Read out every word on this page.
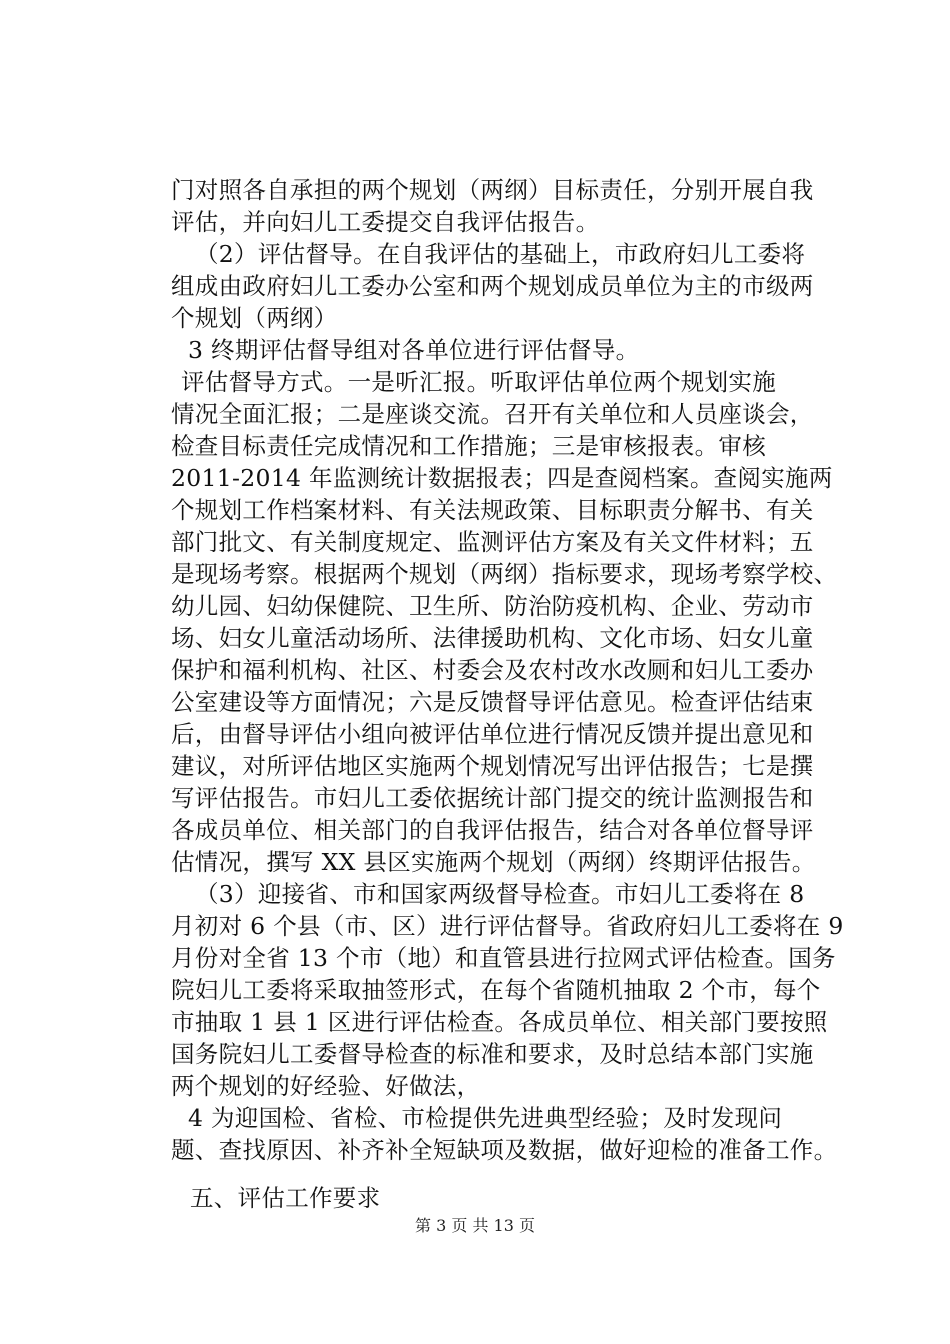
门对照各自承担的两个规划（两纲）目标责任，分别开展自我
评估，并向妇儿工委提交自我评估报告。
（2）评估督导。在自我评估的基础上，市政府妇儿工委将
组成由政府妇儿工委办公室和两个规划成员单位为主的市级两
个规划（两纲）
3 终期评估督导组对各单位进行评估督导。
评估督导方式。一是听汇报。听取评估单位两个规划实施
情况全面汇报；二是座谈交流。召开有关单位和人员座谈会，
检查目标责任完成情况和工作措施；三是审核报表。审核
2011-2014 年监测统计数据报表；四是查阅档案。查阅实施两
个规划工作档案材料、有关法规政策、目标职责分解书、有关
部门批文、有关制度规定、监测评估方案及有关文件材料；五
是现场考察。根据两个规划（两纲）指标要求，现场考察学校、
幼儿园、妇幼保健院、卫生所、防治防疫机构、企业、劳动市
场、妇女儿童活动场所、法律援助机构、文化市场、妇女儿童
保护和福利机构、社区、村委会及农村改水改厕和妇儿工委办
公室建设等方面情况；六是反馈督导评估意见。检查评估结束
后，由督导评估小组向被评估单位进行情况反馈并提出意见和
建议，对所评估地区实施两个规划情况写出评估报告；七是撰
写评估报告。市妇儿工委依据统计部门提交的统计监测报告和
各成员单位、相关部门的自我评估报告，结合对各单位督导评
估情况，撰写 XX 县区实施两个规划（两纲）终期评估报告。
（3）迎接省、市和国家两级督导检查。市妇儿工委将在 8
月初对 6 个县（市、区）进行评估督导。省政府妇儿工委将在 9
月份对全省 13 个市（地）和直管县进行拉网式评估检查。国务
院妇儿工委将采取抽签形式，在每个省随机抽取 2 个市，每个
市抽取 1 县 1 区进行评估检查。各成员单位、相关部门要按照
国务院妇儿工委督导检查的标准和要求，及时总结本部门实施
两个规划的好经验、好做法，
4 为迎国检、省检、市检提供先进典型经验；及时发现问
题、查找原因、补齐补全短缺项及数据，做好迎检的准备工作。
五、评估工作要求
第 3 页 共 13 页
